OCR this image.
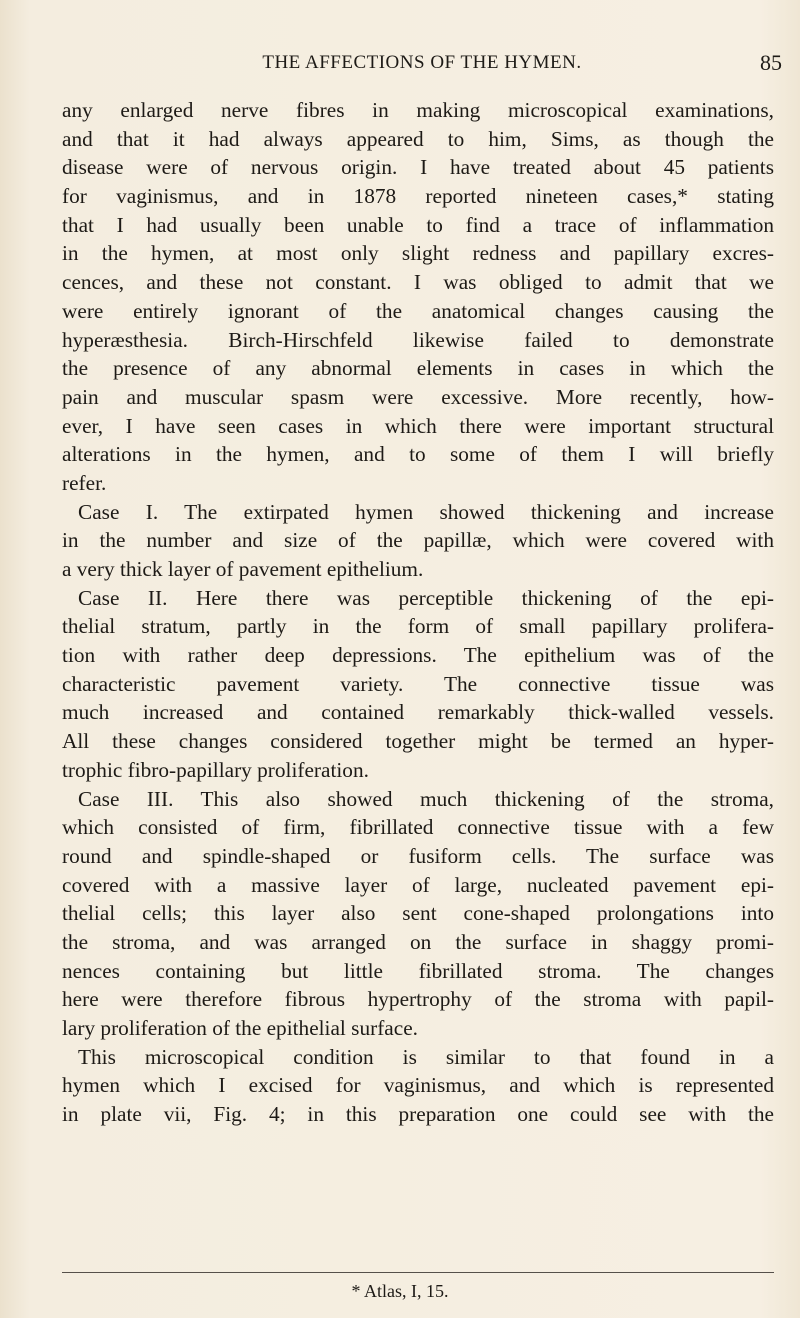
THE AFFECTIONS OF THE HYMEN.	85
any enlarged nerve fibres in making microscopical examinations,
and that it had always appeared to him, Sims, as though the
disease were of nervous origin. I have treated about 45 patients
for vaginismus, and in 1878 reported nineteen cases,* stating
that I had usually been unable to find a trace of inflammation
in the hymen, at most only slight redness and papillary excres-
cences, and these not constant. I was obliged to admit that we
were entirely ignorant of the anatomical changes causing the
hyperæsthesia. Birch-Hirschfeld likewise failed to demonstrate
the presence of any abnormal elements in cases in which the
pain and muscular spasm were excessive. More recently, how-
ever, I have seen cases in which there were important structural
alterations in the hymen, and to some of them I will briefly
refer.
Case I. The extirpated hymen showed thickening and increase
in the number and size of the papillæ, which were covered with
a very thick layer of pavement epithelium.
Case II. Here there was perceptible thickening of the epi-
thelial stratum, partly in the form of small papillary prolifera-
tion with rather deep depressions. The epithelium was of the
characteristic pavement variety. The connective tissue was
much increased and contained remarkably thick-walled vessels.
All these changes considered together might be termed an hyper-
trophic fibro-papillary proliferation.
Case III. This also showed much thickening of the stroma,
which consisted of firm, fibrillated connective tissue with a few
round and spindle-shaped or fusiform cells. The surface was
covered with a massive layer of large, nucleated pavement epi-
thelial cells; this layer also sent cone-shaped prolongations into
the stroma, and was arranged on the surface in shaggy promi-
nences containing but little fibrillated stroma. The changes
here were therefore fibrous hypertrophy of the stroma with papil-
lary proliferation of the epithelial surface.
This microscopical condition is similar to that found in a
hymen which I excised for vaginismus, and which is represented
in plate vii, Fig. 4; in this preparation one could see with the
* Atlas, I, 15.
